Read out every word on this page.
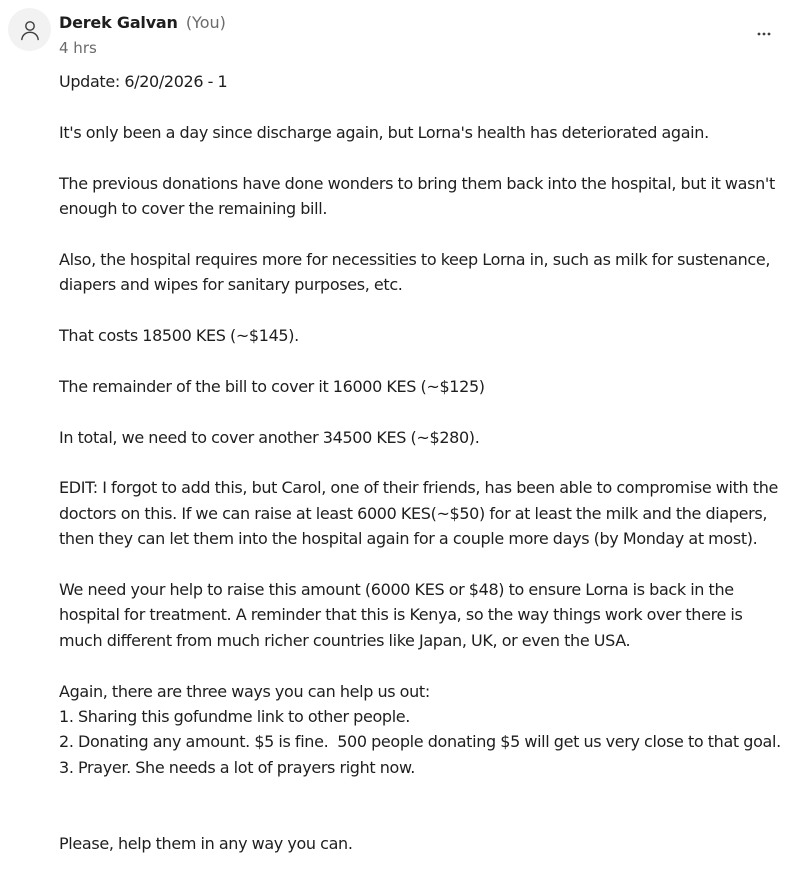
Derek Galvan (You)
4 hrs

Update: 6/20/2026 - 1

It's only been a day since discharge again, but Lorna's health has deteriorated again.

The previous donations have done wonders to bring them back into the hospital, but it wasn't enough to cover the remaining bill.

Also, the hospital requires more for necessities to keep Lorna in, such as milk for sustenance, diapers and wipes for sanitary purposes, etc.

That costs 18500 KES (~$145).

The remainder of the bill to cover it 16000 KES (~$125)

In total, we need to cover another 34500 KES (~$280).

EDIT: I forgot to add this, but Carol, one of their friends, has been able to compromise with the doctors on this. If we can raise at least 6000 KES(~$50) for at least the milk and the diapers, then they can let them into the hospital again for a couple more days (by Monday at most).

We need your help to raise this amount (6000 KES or $48) to ensure Lorna is back in the hospital for treatment. A reminder that this is Kenya, so the way things work over there is much different from much richer countries like Japan, UK, or even the USA.

Again, there are three ways you can help us out:

1. Sharing this gofundme link to other people.

2. Donating any amount. $5 is fine.  500 people donating $5 will get us very close to that goal.

3. Prayer. She needs a lot of prayers right now.

Please, help them in any way you can.
